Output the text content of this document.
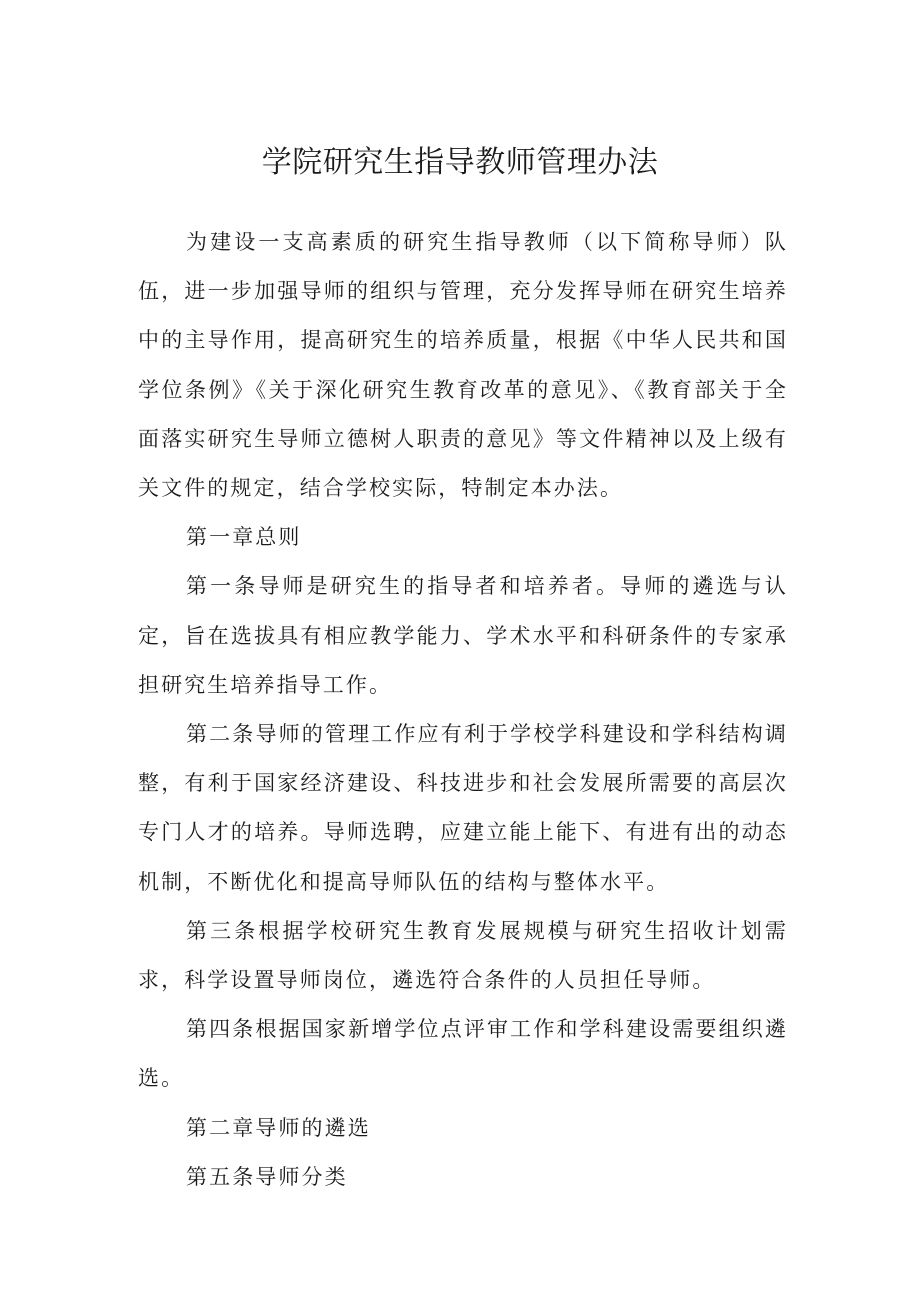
学院研究生指导教师管理办法

为建设一支高素质的研究生指导教师（以下简称导师）队伍，进一步加强导师的组织与管理，充分发挥导师在研究生培养中的主导作用，提高研究生的培养质量，根据《中华人民共和国学位条例》《关于深化研究生教育改革的意见》、《教育部关于全面落实研究生导师立德树人职责的意见》等文件精神以及上级有关文件的规定，结合学校实际，特制定本办法。

第一章总则

第一条导师是研究生的指导者和培养者。导师的遴选与认定，旨在选拔具有相应教学能力、学术水平和科研条件的专家承担研究生培养指导工作。

第二条导师的管理工作应有利于学校学科建设和学科结构调整，有利于国家经济建设、科技进步和社会发展所需要的高层次专门人才的培养。导师选聘，应建立能上能下、有进有出的动态机制，不断优化和提高导师队伍的结构与整体水平。

第三条根据学校研究生教育发展规模与研究生招收计划需求，科学设置导师岗位，遴选符合条件的人员担任导师。

第四条根据国家新增学位点评审工作和学科建设需要组织遴选。

第二章导师的遴选

第五条导师分类
